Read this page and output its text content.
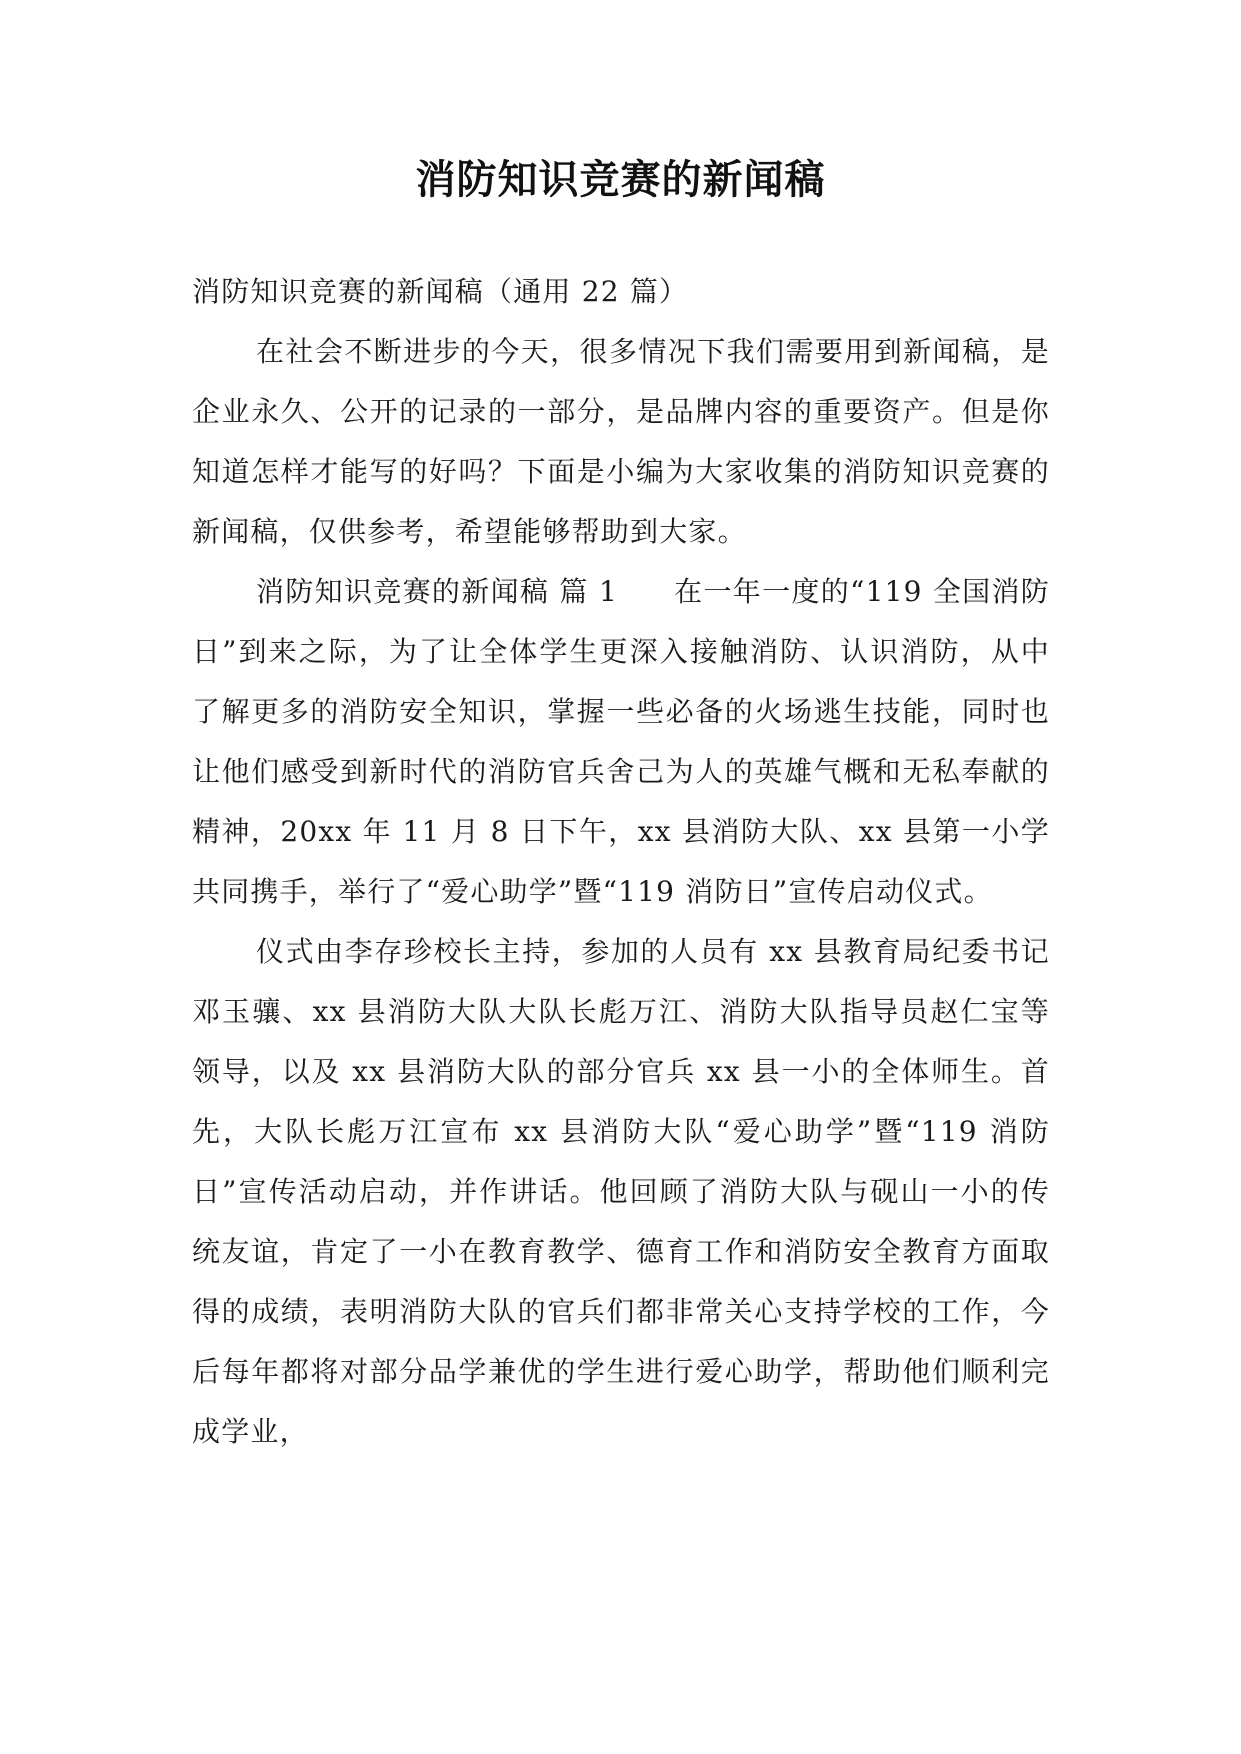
消防知识竞赛的新闻稿

消防知识竞赛的新闻稿（通用 22 篇）

在社会不断进步的今天，很多情况下我们需要用到新闻稿，是企业永久、公开的记录的一部分，是品牌内容的重要资产。但是你知道怎样才能写的好吗？下面是小编为大家收集的消防知识竞赛的新闻稿，仅供参考，希望能够帮助到大家。

消防知识竞赛的新闻稿 篇 1 在一年一度的“119 全国消防日”到来之际，为了让全体学生更深入接触消防、认识消防，从中了解更多的消防安全知识，掌握一些必备的火场逃生技能，同时也让他们感受到新时代的消防官兵舍己为人的英雄气概和无私奉献的精神，20xx 年 11 月 8 日下午，xx 县消防大队、xx 县第一小学共同携手，举行了“爱心助学”暨“119 消防日”宣传启动仪式。

仪式由李存珍校长主持，参加的人员有 xx 县教育局纪委书记邓玉骧、xx 县消防大队大队长彪万江、消防大队指导员赵仁宝等领导，以及 xx 县消防大队的部分官兵 xx 县一小的全体师生。首先，大队长彪万江宣布 xx 县消防大队“爱心助学”暨“119 消防日”宣传活动启动，并作讲话。他回顾了消防大队与砚山一小的传统友谊，肯定了一小在教育教学、德育工作和消防安全教育方面取得的成绩，表明消防大队的官兵们都非常关心支持学校的工作，今后每年都将对部分品学兼优的学生进行爱心助学，帮助他们顺利完成学业，
